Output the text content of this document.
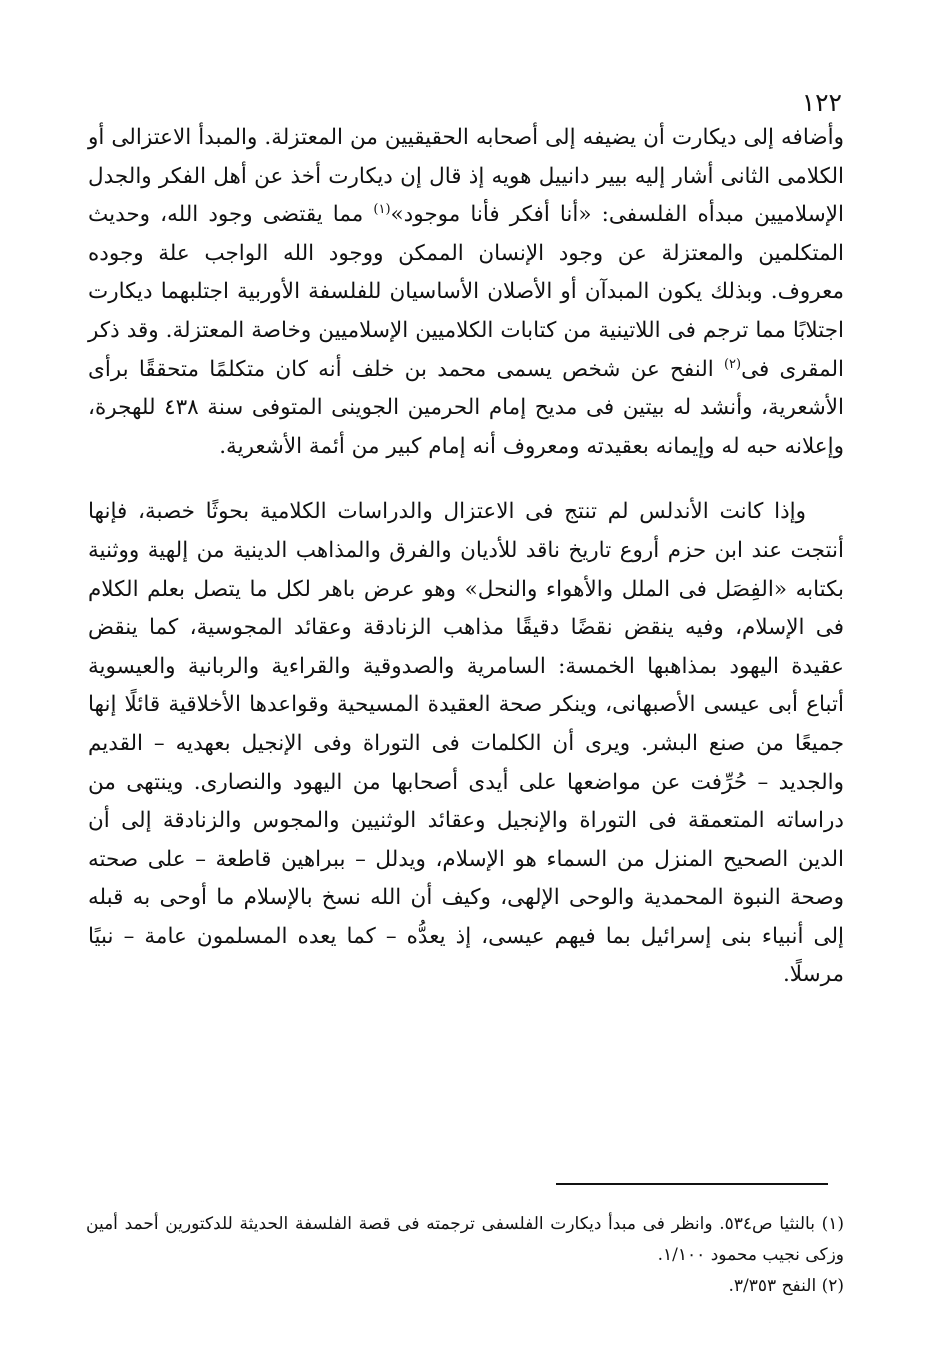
١٢٢

وأضافه إلى ديكارت أن يضيفه إلى أصحابه الحقيقيين من المعتزلة. والمبدأ الاعتزالى أو الكلامى الثانى أشار إليه بيير دانييل هويه إذ قال إن ديكارت أخذ عن أهل الفكر والجدل الإسلاميين مبدأه الفلسفى: «أنا أفكر فأنا موجود»$^{(١)}$ مما يقتضى وجود الله، وحديث المتكلمين والمعتزلة عن وجود الإنسان الممكن ووجود الله الواجب علة وجوده معروف. وبذلك يكون المبدآن أو الأصلان الأساسيان للفلسفة الأوربية اجتلبهما ديكارت اجتلابًا مما ترجم فى اللاتينية من كتابات الكلاميين الإسلاميين وخاصة المعتزلة. وقد ذكر المقرى فى$^{(٢)}$ النفح عن شخص يسمى محمد بن خلف أنه كان متكلمًا متحققًا برأى الأشعرية، وأنشد له بيتين فى مديح إمام الحرمين الجوينى المتوفى سنة ٤٣٨ للهجرة، وإعلانه حبه له وإيمانه بعقيدته ومعروف أنه إمام كبير من أئمة الأشعرية.

وإذا كانت الأندلس لم تنتج فى الاعتزال والدراسات الكلامية بحوثًا خصبة، فإنها أنتجت عند ابن حزم أروع تاريخ ناقد للأديان والفرق والمذاهب الدينية من إلهية ووثنية بكتابه «الفِصَل فى الملل والأهواء والنحل» وهو عرض باهر لكل ما يتصل بعلم الكلام فى الإسلام، وفيه ينقض نقضًا دقيقًا مذاهب الزنادقة وعقائد المجوسية، كما ينقض عقيدة اليهود بمذاهبها الخمسة: السامرية والصدوقية والقراءية والربانية والعيسوية أتباع أبى عيسى الأصبهانى، وينكر صحة العقيدة المسيحية وقواعدها الأخلاقية قائلًا إنها جميعًا من صنع البشر. ويرى أن الكلمات فى التوراة وفى الإنجيل بعهديه – القديم والجديد – حُرِّفت عن مواضعها على أيدى أصحابها من اليهود والنصارى. وينتهى من دراساته المتعمقة فى التوراة والإنجيل وعقائد الوثنيين والمجوس والزنادقة إلى أن الدين الصحيح المنزل من السماء هو الإسلام، ويدلل – ببراهين قاطعة – على صحته وصحة النبوة المحمدية والوحى الإلهى، وكيف أن الله نسخ بالإسلام ما أوحى به قبله إلى أنبياء بنى إسرائيل بما فيهم عيسى، إذ يعدُّه – كما يعده المسلمون عامة – نبيًا مرسلًا.

(١) بالنثيا ص٥٣٤. وانظر فى مبدأ ديكارت الفلسفى ترجمته فى قصة الفلسفة الحديثة للدكتورين أحمد أمين وزكى نجيب محمود ١/١٠٠.

(٢) النفح ٣/٣٥٣.
